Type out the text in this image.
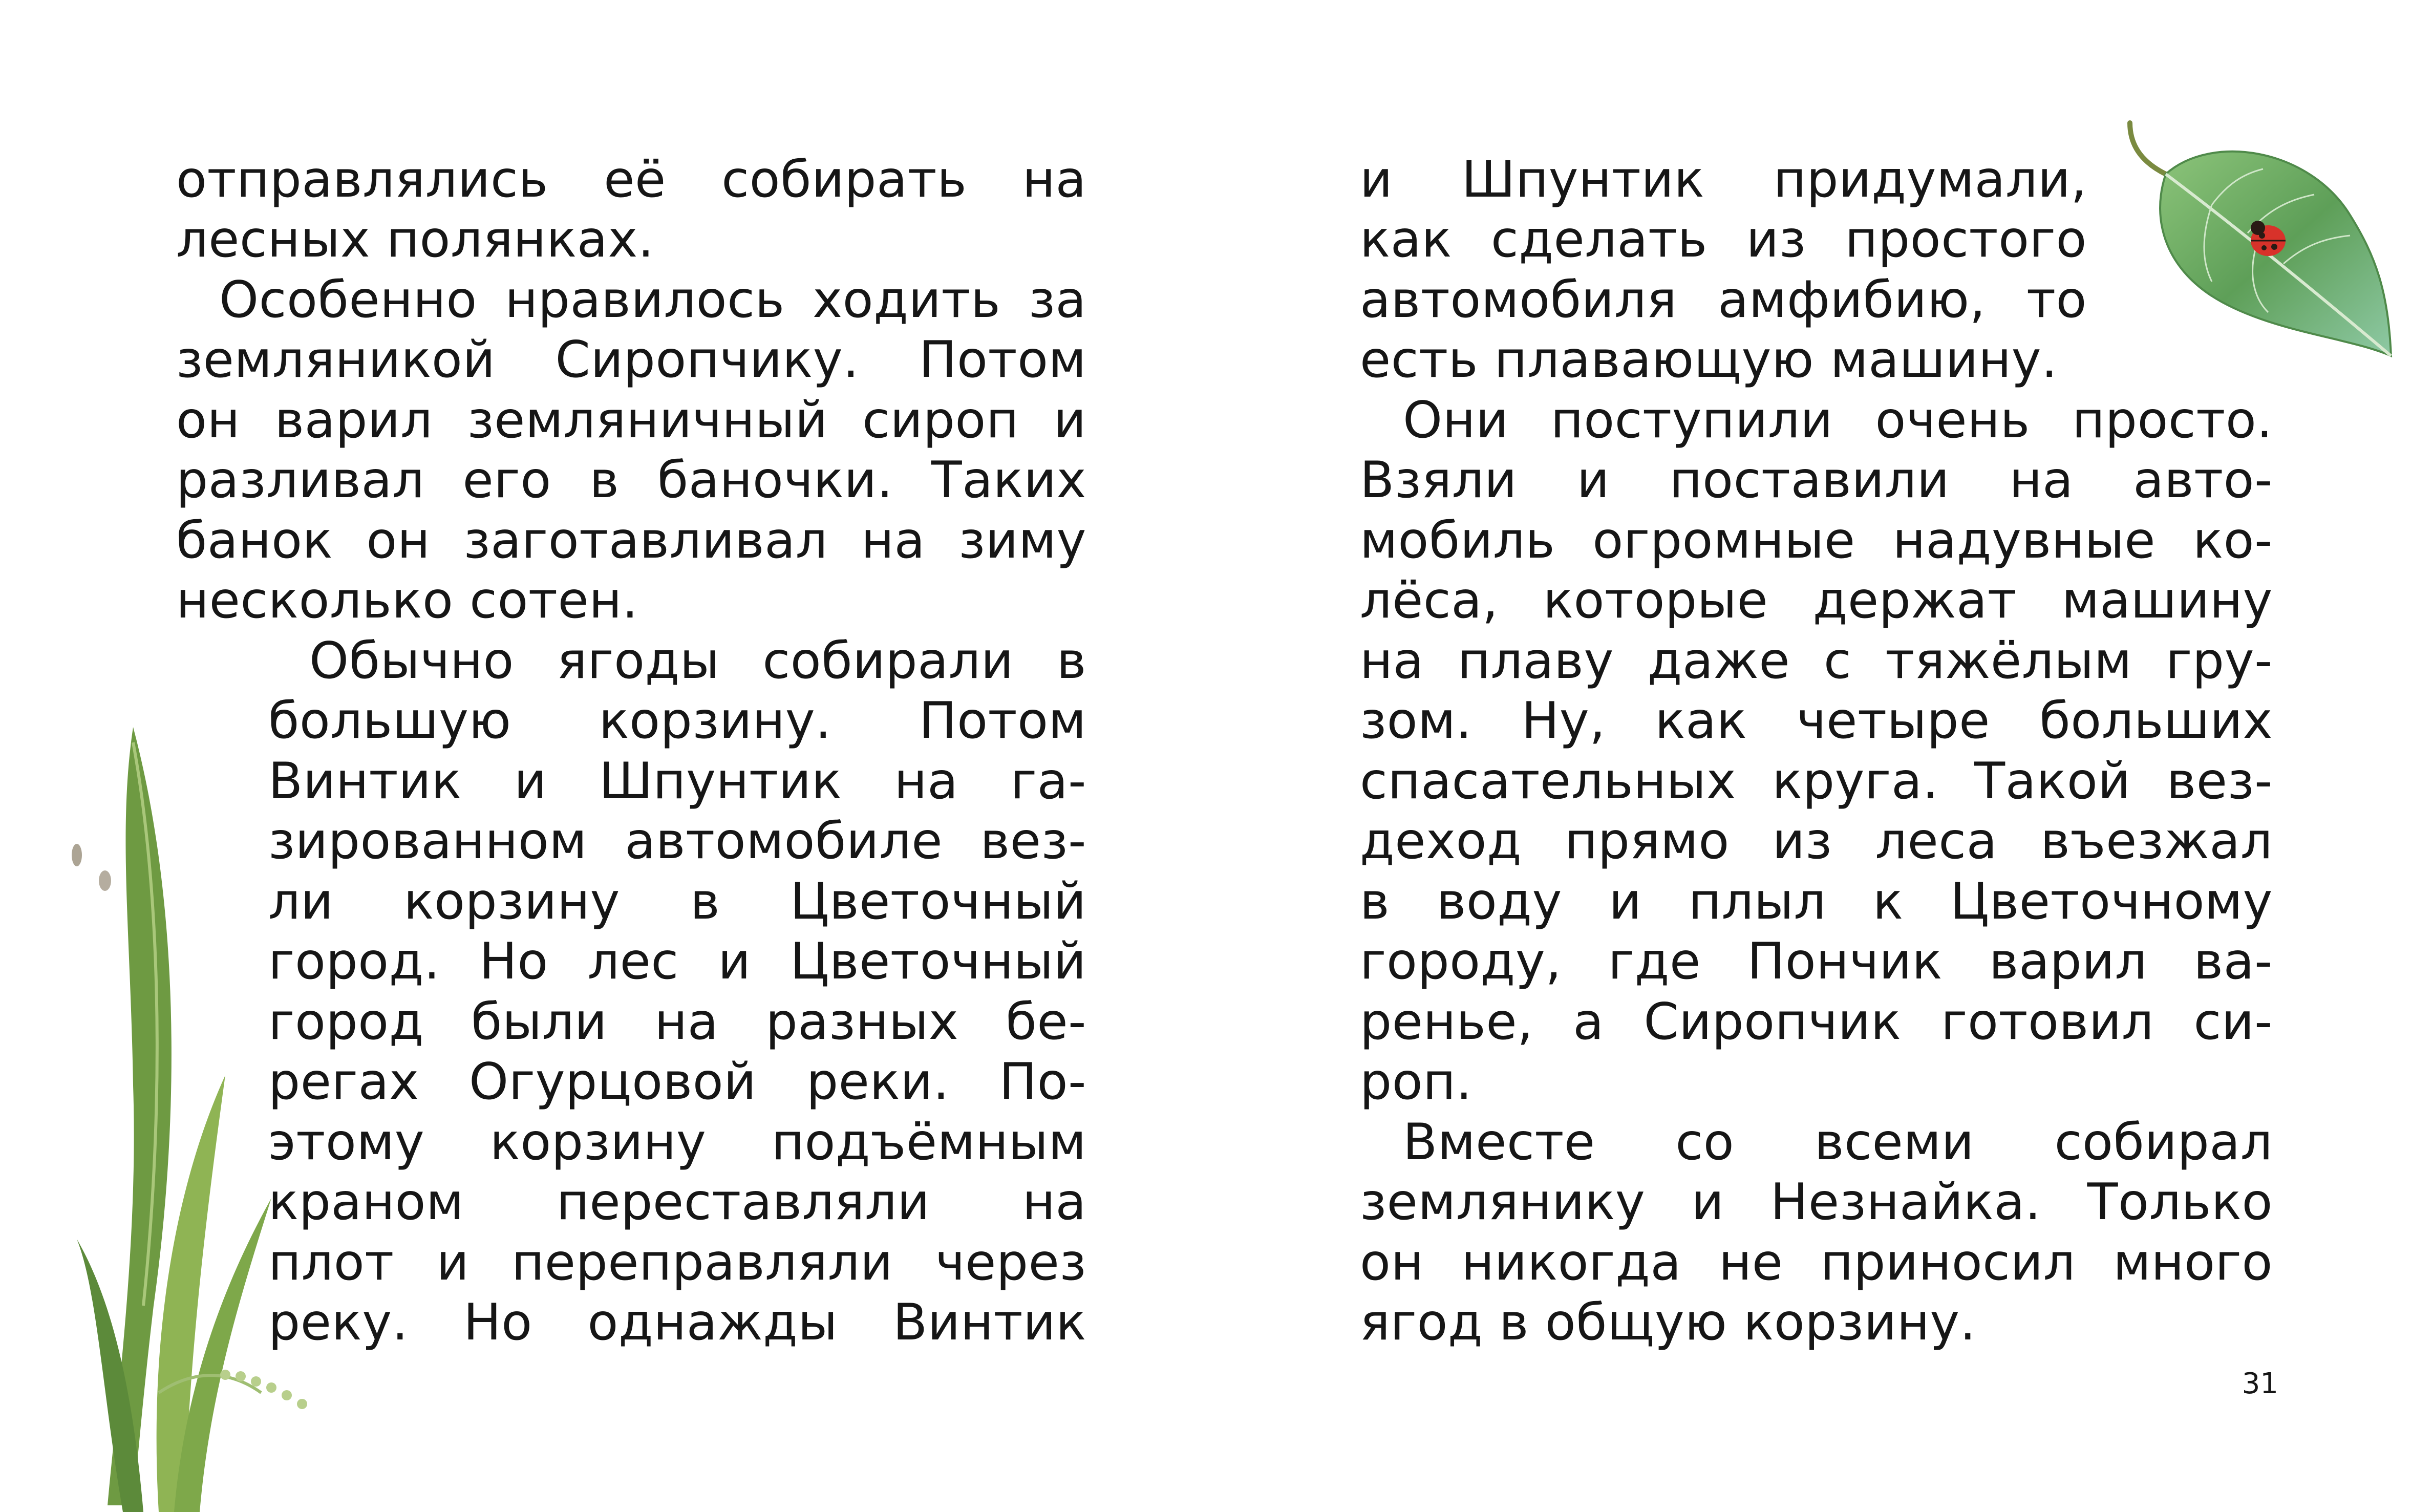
отправлялись её собирать на
лесных полянках.
Особенно нравилось ходить за
земляникой Сиропчику. Потом
он варил земляничный сироп и
разливал его в баночки. Таких
банок он заготавливал на зиму
несколько сотен.
Обычно ягоды собирали в
большую корзину. Потом
Винтик и Шпунтик на га-
зированном автомобиле вез-
ли корзину в Цветочный
город. Но лес и Цветочный
город были на разных бе-
регах Огурцовой реки. По-
этому корзину подъёмным
краном переставляли на
плот и переправляли через
реку. Но однажды Винтик
и Шпунтик придумали,
как сделать из простого
автомобиля амфибию, то
есть плавающую машину.
Они поступили очень просто.
Взяли и поставили на авто-
мобиль огромные надувные ко-
лёса, которые держат машину
на плаву даже с тяжёлым гру-
зом. Ну, как четыре больших
спасательных круга. Такой вез-
деход прямо из леса въезжал
в воду и плыл к Цветочному
городу, где Пончик варил ва-
ренье, а Сиропчик готовил си-
роп.
Вместе со всеми собирал
землянику и Незнайка. Только
он никогда не приносил много
ягод в общую корзину.
31
